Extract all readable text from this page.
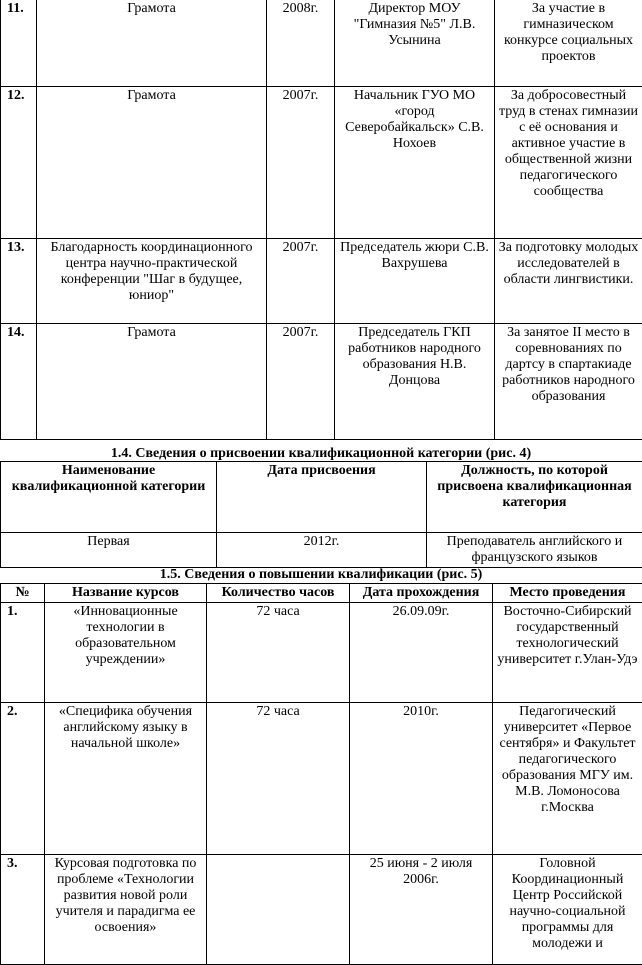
11.	Грамота	2008г.	Директор МОУ "Гимназия №5" Л.В. Усынина	За участие в гимназическом конкурсе социальных проектов
12.	Грамота	2007г.	Начальник ГУО МО «город Северобайкальск» С.В. Нохоев	За добросовестный труд в стенах гимназии с её основания и активное участие в общественной жизни педагогического сообщества
13.	Благодарность координационного центра научно-практической конференции "Шаг в будущее, юниор"	2007г.	Председатель жюри С.В. Вахрушева	За подготовку молодых исследователей в области лингвистики.
14.	Грамота	2007г.	Председатель ГКП работников народного образования Н.В. Донцова	За занятое II место в соревнованиях по дартсу в спартакиаде работников народного образования
1.4. Сведения о присвоении квалификационной категории (рис. 4)
Наименование квалификационной категории	Дата присвоения	Должность, по которой присвоена квалификационная категория
Первая	2012г.	Преподаватель английского и французского языков
1.5. Сведения о повышении квалификации (рис. 5)
№	Название курсов	Количество часов	Дата прохождения	Место проведения
1.	«Инновационные технологии в образовательном учреждении»	72 часа	26.09.09г.	Восточно-Сибирский государственный технологический университет г.Улан-Удэ
2.	«Специфика обучения английскому языку в начальной школе»	72 часа	2010г.	Педагогический университет «Первое сентября» и Факультет педагогического образования МГУ им. М.В. Ломоносова г.Москва
3.	Курсовая подготовка по проблеме «Технологии развития новой роли учителя и парадигма ее освоения»		25 июня - 2 июля 2006г.	Головной Координационный Центр Российской научно-социальной программы для молодежи и
